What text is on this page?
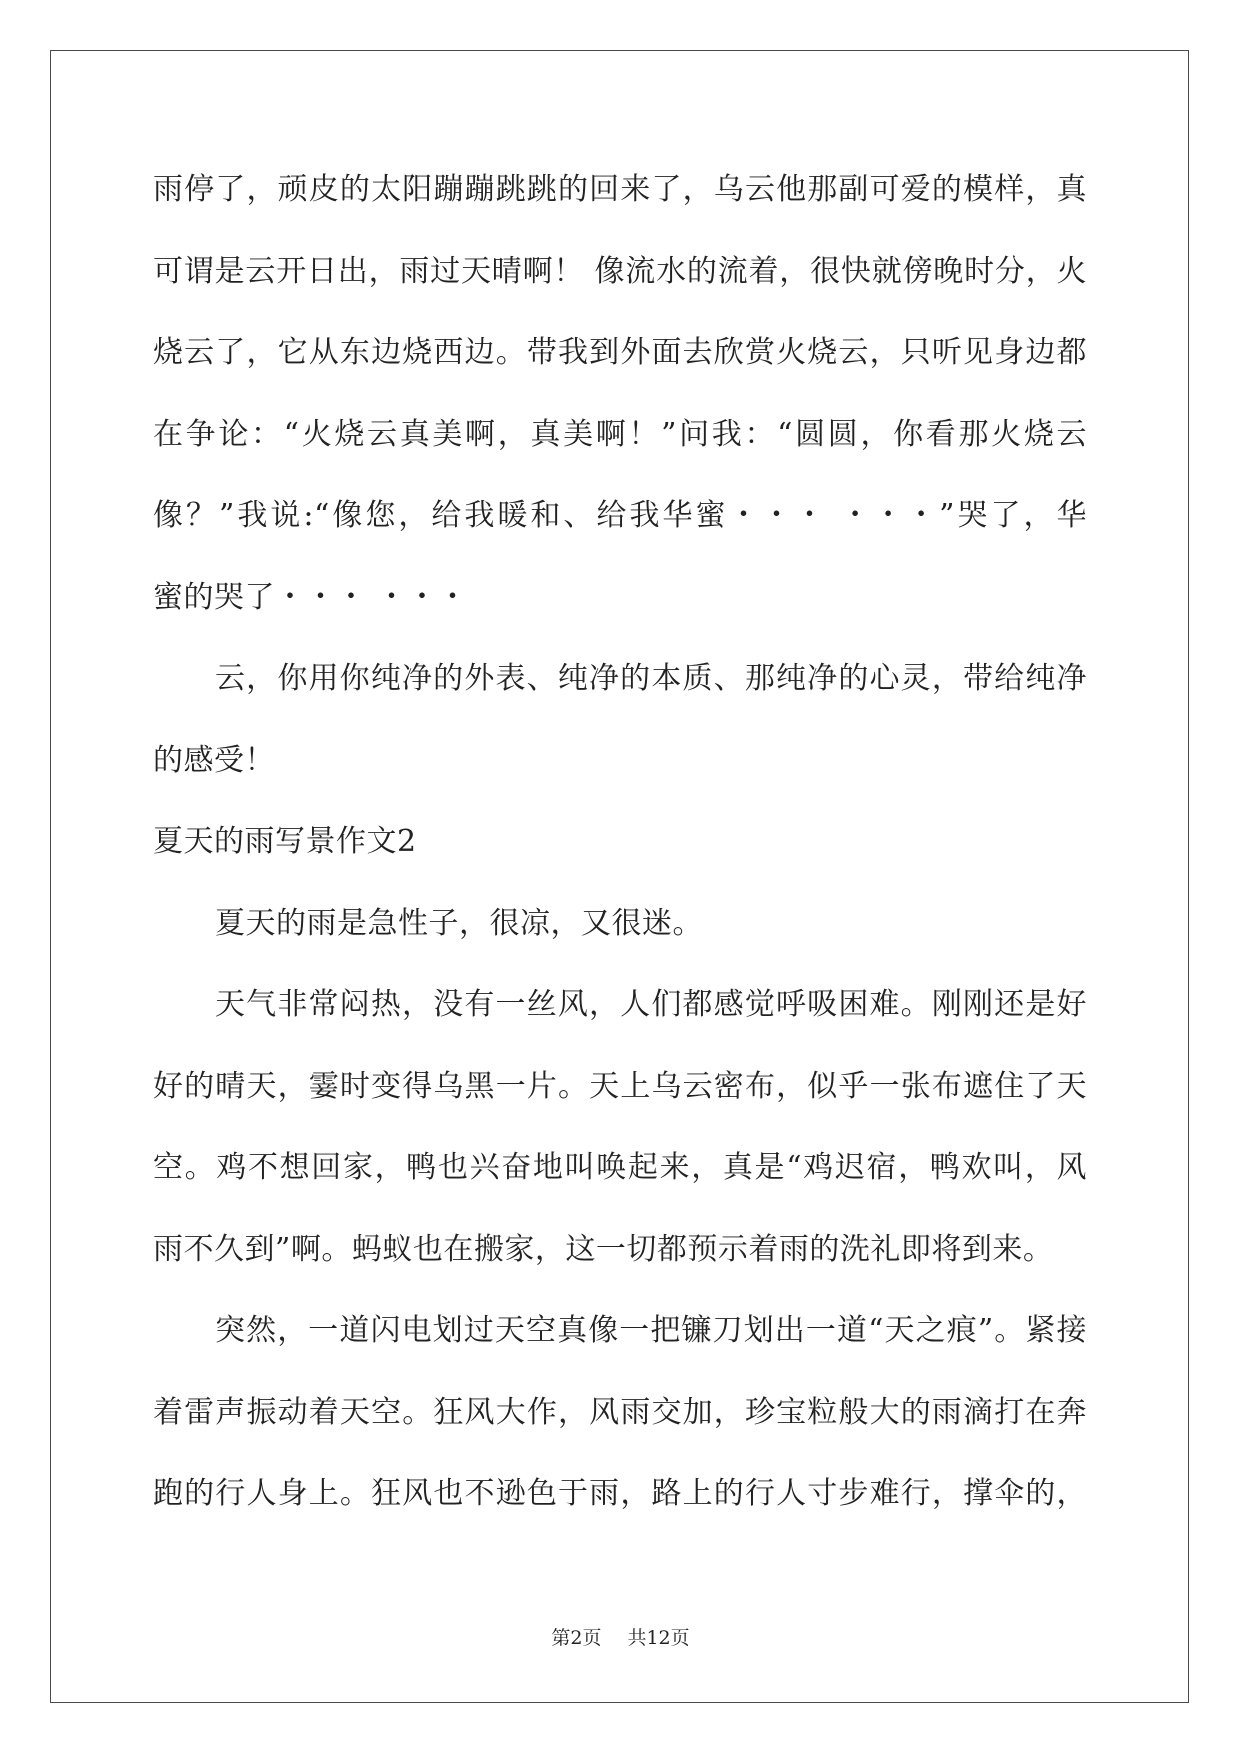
雨停了，顽皮的太阳蹦蹦跳跳的回来了，乌云他那副可爱的模样，真
可谓是云开日出，雨过天晴啊！ 像流水的流着，很快就傍晚时分，火
烧云了，它从东边烧西边。带我到外面去欣赏火烧云，只听见身边都
在争论：“火烧云真美啊，真美啊！”问我：“圆圆，你看那火烧云
像？”我说:“像您，给我暖和、给我华蜜・・・ ・・・”哭了，华
蜜的哭了・・・ ・・・
云，你用你纯净的外表、纯净的本质、那纯净的心灵，带给纯净
的感受！
夏天的雨写景作文2
夏天的雨是急性子，很凉，又很迷。
天气非常闷热，没有一丝风，人们都感觉呼吸困难。刚刚还是好
好的晴天，霎时变得乌黑一片。天上乌云密布，似乎一张布遮住了天
空。鸡不想回家，鸭也兴奋地叫唤起来，真是“鸡迟宿，鸭欢叫，风
雨不久到”啊。蚂蚁也在搬家，这一切都预示着雨的洗礼即将到来。
突然，一道闪电划过天空真像一把镰刀划出一道“天之痕”。紧接
着雷声振动着天空。狂风大作，风雨交加，珍宝粒般大的雨滴打在奔
跑的行人身上。狂风也不逊色于雨，路上的行人寸步难行，撑伞的，
第2页 共12页
